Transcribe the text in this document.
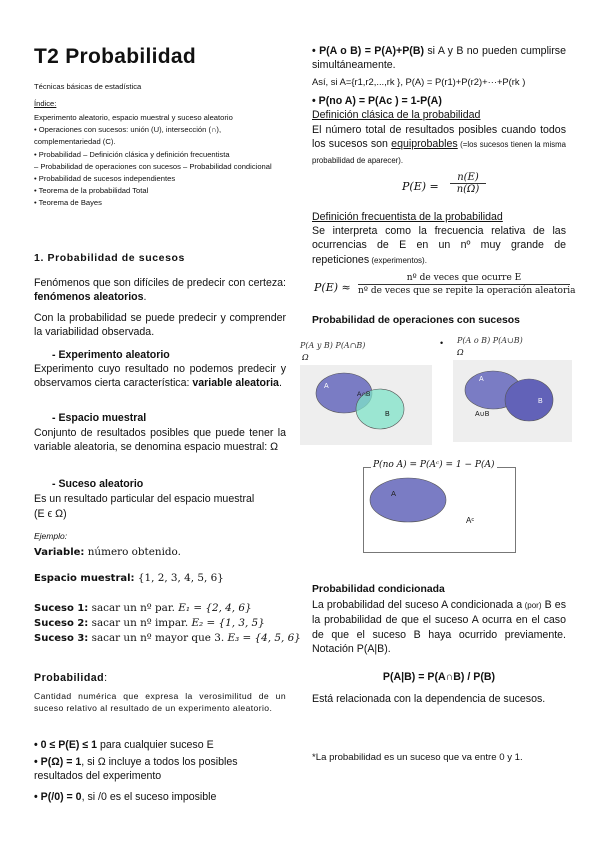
T2 Probabilidad
Técnicas básicas de estadística
Índice:
Experimento aleatorio, espacio muestral y suceso aleatorio
• Operaciones con sucesos: unión (U), intersección (∩), complementariedad (C).
• Probabilidad – Definición clásica y definición frecuentista
– Probabilidad de operaciones con sucesos – Probabilidad condicional
• Probabilidad de sucesos independientes
• Teorema de la probabilidad Total
• Teorema de Bayes
1. Probabilidad de sucesos
Fenómenos que son difíciles de predecir con certeza: fenómenos aleatorios.
Con la probabilidad se puede predecir y comprender la variabilidad observada.
- Experimento aleatorio
Experimento cuyo resultado no podemos predecir y observamos cierta característica: variable aleatoria.
- Espacio muestral
Conjunto de resultados posibles que puede tener la variable aleatoria, se denomina espacio muestral: Ω
- Suceso aleatorio
Es un resultado particular del espacio muestral
(E ϵ Ω)
Ejemplo:
Variable: número obtenido.
Espacio muestral: {1, 2, 3, 4, 5, 6}
Suceso 1: sacar un nº par. E₁ = {2, 4, 6}
Suceso 2: sacar un nº impar. E₂ = {1, 3, 5}
Suceso 3: sacar un nº mayor que 3. E₃ = {4, 5, 6}
Probabilidad:
Cantidad numérica que expresa la verosimilitud de un suceso relativo al resultado de un experimento aleatorio.
• 0 ≤ P(E) ≤ 1 para cualquier suceso E
• P(Ω) = 1, si Ω incluye a todos los posibles resultados del experimento
• P(/0) = 0, si /0 es el suceso imposible
• P(A o B) = P(A)+P(B) si A y B no pueden cumplirse simultáneamente.
Así, si A={r1,r2,...,rk }, P(A) = P(r1)+P(r2)+···+P(rk )
• P(no A) = P(Ac ) = 1-P(A)
Definición clásica de la probabilidad
El número total de resultados posibles cuando todos los sucesos son equiprobables (=los sucesos tienen la misma probabilidad de aparecer).
P(E) =
n(E)
n(Ω)
Definición frecuentista de la probabilidad
Se interpreta como la frecuencia relativa de las ocurrencias de E en un nº muy grande de repeticiones (experimentos).
P(E) ≈
nº de veces que ocurre E
nº de veces que se repite la operación aleatoria
Probabilidad de operaciones con sucesos
P(A y B) P(A∩B)
Ω
A
A∩B
B
• P(A o B) P(A∪B)
Ω
A
B
A∪B
P(no A) = P(Aᶜ) = 1 − P(A)
A
Aᶜ
Probabilidad condicionada
La probabilidad del suceso A condicionada a (por) B es la probabilidad de que el suceso A ocurra en el caso de que el suceso B haya ocurrido previamente. Notación P(A|B).
P(A|B) = P(A∩B) / P(B)
Está relacionada con la dependencia de sucesos.
*La probabilidad es un suceso que va entre 0 y 1.
